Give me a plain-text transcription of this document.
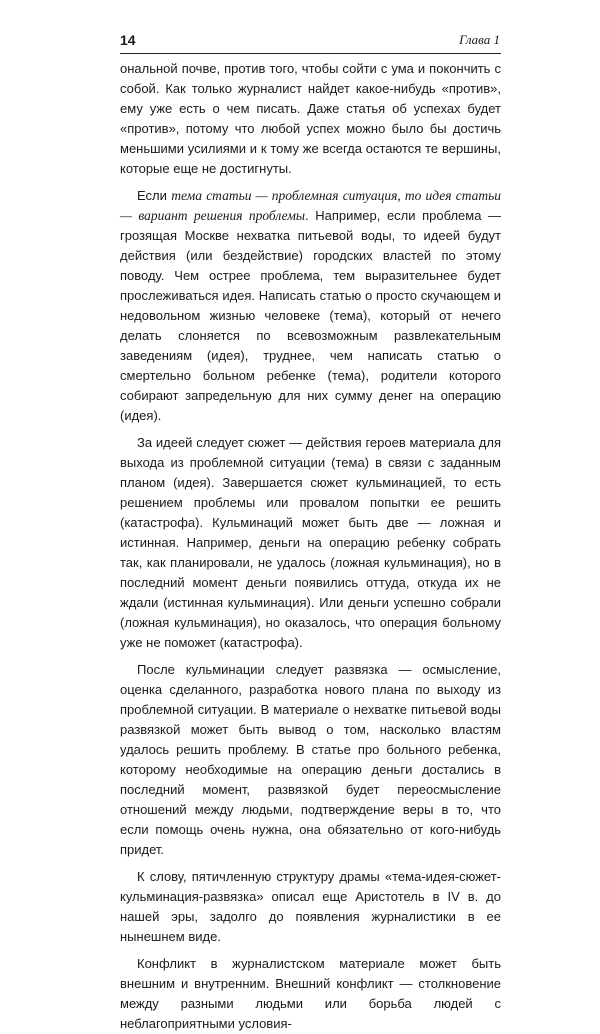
14	Глава 1

ональной почве, против того, чтобы сойти с ума и покончить с собой. Как только журналист найдет какое-нибудь «против», ему уже есть о чем писать. Даже статья об успехах будет «против», потому что любой успех можно было бы достичь меньшими усилиями и к тому же всегда остаются те вершины, которые еще не достигнуты.

Если тема статьи — проблемная ситуация, то идея статьи — вариант решения проблемы. Например, если проблема — грозящая Москве нехватка питьевой воды, то идеей будут действия (или бездействие) городских властей по этому поводу. Чем острее проблема, тем выразительнее будет прослеживаться идея. Написать статью о просто скучающем и недовольном жизнью человеке (тема), который от нечего делать слоняется по всевозможным развлекательным заведениям (идея), труднее, чем написать статью о смертельно больном ребенке (тема), родители которого собирают запредельную для них сумму денег на операцию (идея).

За идеей следует сюжет — действия героев материала для выхода из проблемной ситуации (тема) в связи с заданным планом (идея). Завершается сюжет кульминацией, то есть решением проблемы или провалом попытки ее решить (катастрофа). Кульминаций может быть две — ложная и истинная. Например, деньги на операцию ребенку собрать так, как планировали, не удалось (ложная кульминация), но в последний момент деньги появились оттуда, откуда их не ждали (истинная кульминация). Или деньги успешно собрали (ложная кульминация), но оказалось, что операция больному уже не поможет (катастрофа).

После кульминации следует развязка — осмысление, оценка сделанного, разработка нового плана по выходу из проблемной ситуации. В материале о нехватке питьевой воды развязкой может быть вывод о том, насколько властям удалось решить проблему. В статье про больного ребенка, которому необходимые на операцию деньги достались в последний момент, развязкой будет переосмысление отношений между людьми, подтверждение веры в то, что если помощь очень нужна, она обязательно от кого-нибудь придет.

К слову, пятичленную структуру драмы «тема-идея-сюжет-кульминация-развязка» описал еще Аристотель в IV в. до нашей эры, задолго до появления журналистики в ее нынешнем виде.

Конфликт в журналистском материале может быть внешним и внутренним. Внешний конфликт — столкновение между разными людьми или борьба людей с неблагоприятными условия-
